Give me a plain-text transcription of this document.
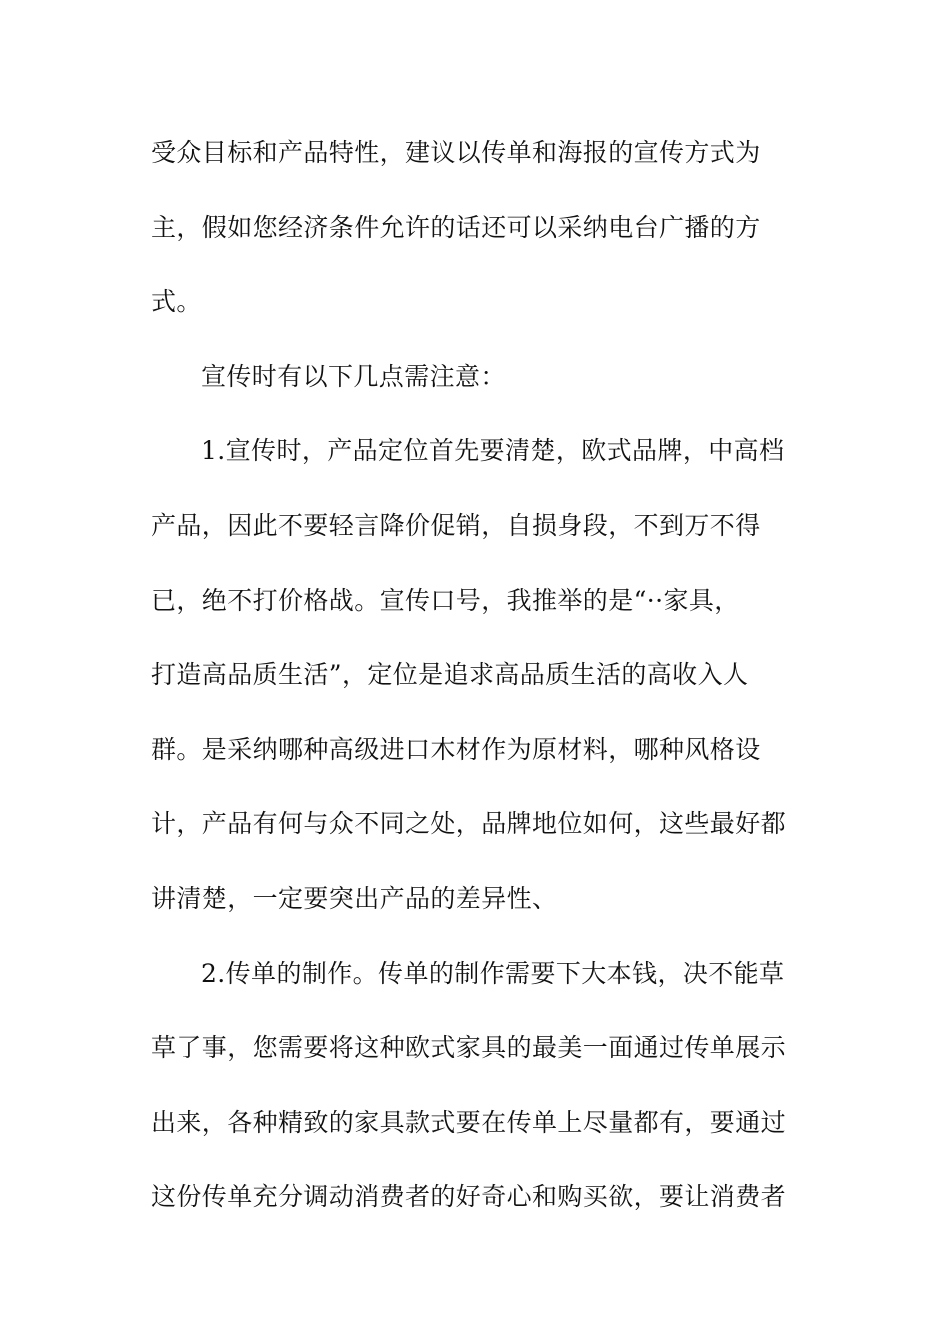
受众目标和产品特性，建议以传单和海报的宣传方式为
主，假如您经济条件允许的话还可以采纳电台广播的方
式。
宣传时有以下几点需注意：
1.宣传时，产品定位首先要清楚，欧式品牌，中高档
产品，因此不要轻言降价促销，自损身段，不到万不得
已，绝不打价格战。宣传口号，我推举的是“··家具，
打造高品质生活”，定位是追求高品质生活的高收入人
群。是采纳哪种高级进口木材作为原材料，哪种风格设
计，产品有何与众不同之处，品牌地位如何，这些最好都
讲清楚，一定要突出产品的差异性、
2.传单的制作。传单的制作需要下大本钱，决不能草
草了事，您需要将这种欧式家具的最美一面通过传单展示
出来，各种精致的家具款式要在传单上尽量都有，要通过
这份传单充分调动消费者的好奇心和购买欲，要让消费者
